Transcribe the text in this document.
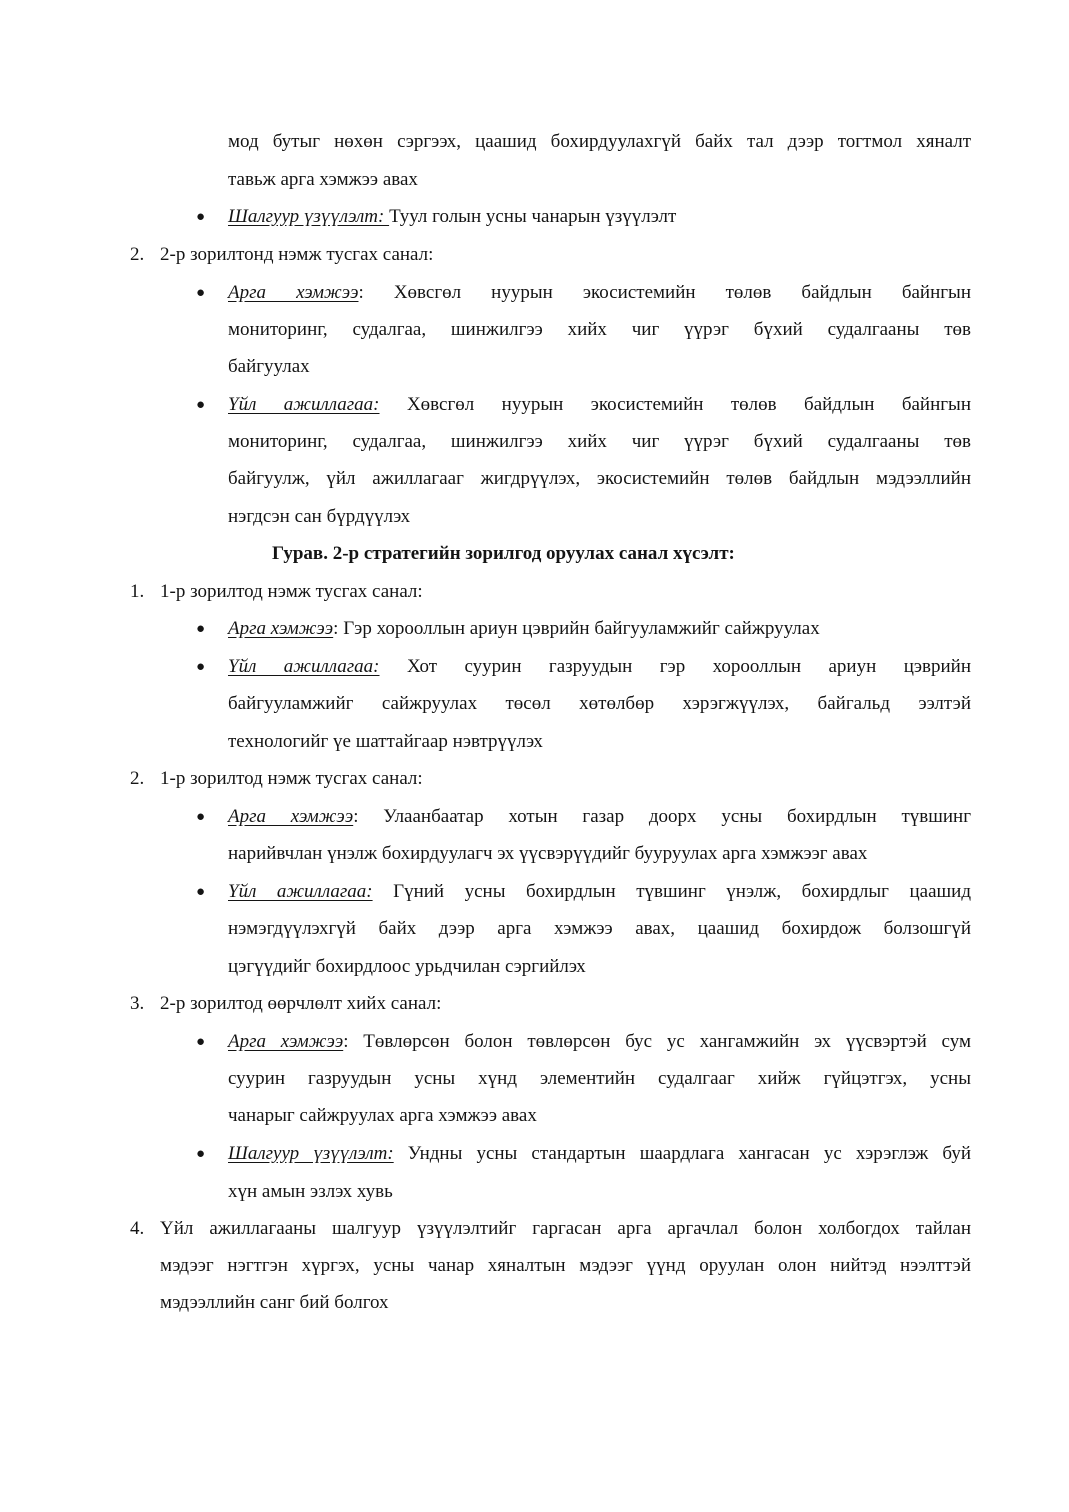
мод бутыг нөхөн сэргээх, цаашид бохирдуулахгүй байх тал дээр тогтмол хяналт
тавьж арга хэмжээ авах
● Шалгуур үзүүлэлт: Туул голын усны чанарын үзүүлэлт
2. 2-р зорилтонд нэмж тусгах санал:
● Арга хэмжээ: Хөвсгөл нуурын экосистемийн төлөв байдлын байнгын
мониторинг, судалгаа, шинжилгээ хийх чиг үүрэг бүхий судалгааны төв
байгуулах
● Үйл ажиллагаа: Хөвсгөл нуурын экосистемийн төлөв байдлын байнгын
мониторинг, судалгаа, шинжилгээ хийх чиг үүрэг бүхий судалгааны төв
байгуулж, үйл ажиллагааг жигдрүүлэх, экосистемийн төлөв байдлын мэдээллийн
нэгдсэн сан бүрдүүлэх
Гурав. 2-р стратегийн зорилгод оруулах санал хүсэлт:
1. 1-р зорилтод нэмж тусгах санал:
● Арга хэмжээ: Гэр хорооллын ариун цэврийн байгууламжийг сайжруулах
● Үйл ажиллагаа: Хот суурин газруудын гэр хорооллын ариун цэврийн
байгууламжийг сайжруулах төсөл хөтөлбөр хэрэгжүүлэх, байгальд ээлтэй
технологийг үе шаттайгаар нэвтрүүлэх
2. 1-р зорилтод нэмж тусгах санал:
● Арга хэмжээ: Улаанбаатар хотын газар доорх усны бохирдлын түвшинг
нарийвчлан үнэлж бохирдуулагч эх үүсвэрүүдийг бууруулах арга хэмжээг авах
● Үйл ажиллагаа: Гүний усны бохирдлын түвшинг үнэлж, бохирдлыг цаашид
нэмэгдүүлэхгүй байх дээр арга хэмжээ авах, цаашид бохирдож болзошгүй
цэгүүдийг бохирдлоос урьдчилан сэргийлэх
3. 2-р зорилтод өөрчлөлт хийх санал:
● Арга хэмжээ: Төвлөрсөн болон төвлөрсөн бус ус хангамжийн эх үүсвэртэй сум
суурин газруудын усны хүнд элементийн судалгааг хийж гүйцэтгэх, усны
чанарыг сайжруулах арга хэмжээ авах
● Шалгуур үзүүлэлт: Ундны усны стандартын шаардлага хангасан ус хэрэглэж буй
хүн амын эзлэх хувь
4. Үйл ажиллагааны шалгуур үзүүлэлтийг гаргасан арга аргачлал болон холбогдох тайлан
мэдээг нэгтгэн хүргэх, усны чанар хяналтын мэдээг үүнд оруулан олон нийтэд нээлттэй
мэдээллийн санг бий болгох
